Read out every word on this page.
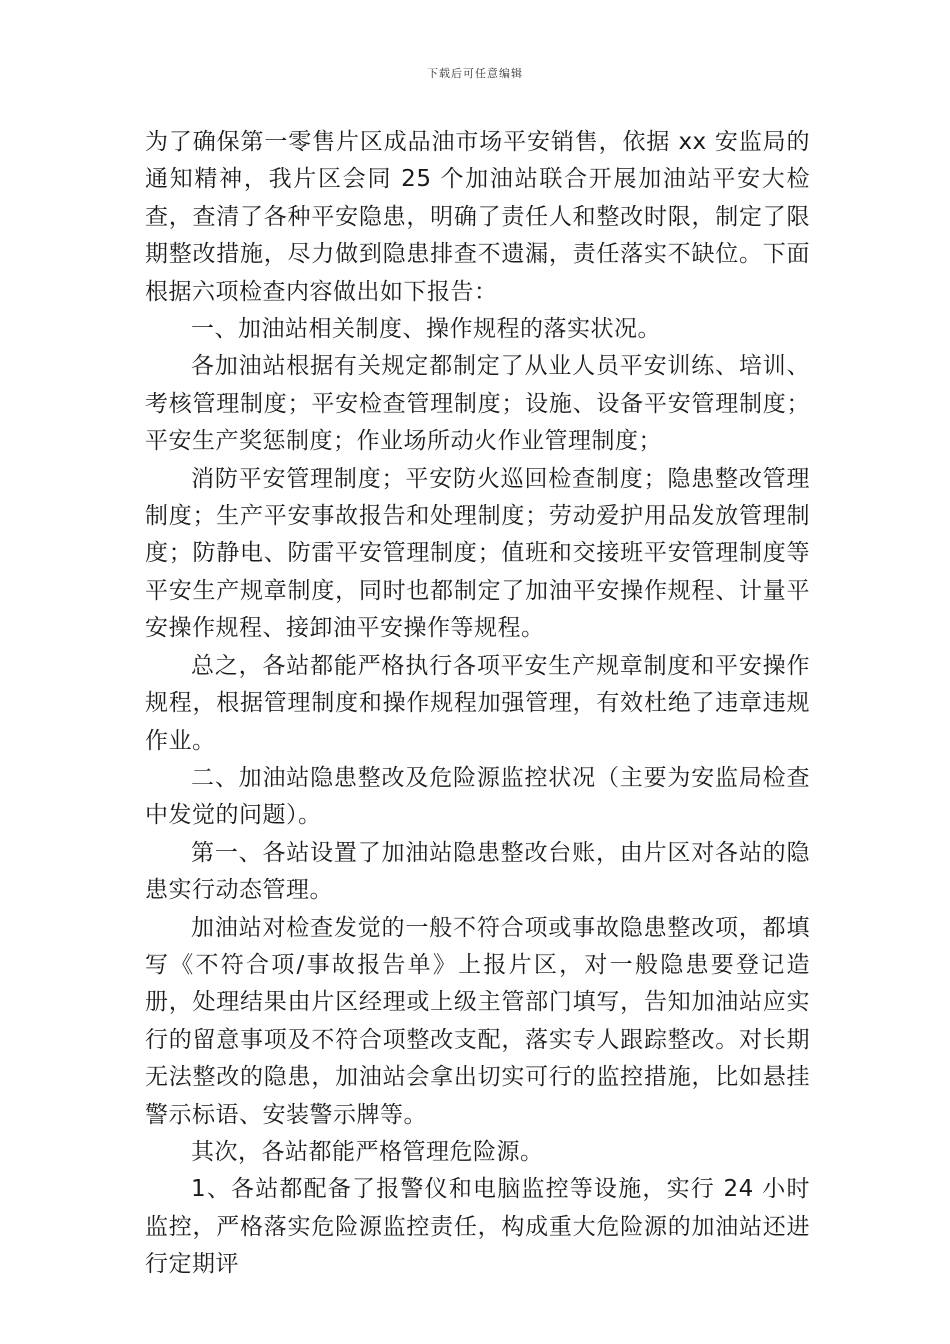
下载后可任意编辑

为了确保第一零售片区成品油市场平安销售，依据 xx 安监局的通知精神，我片区会同 25 个加油站联合开展加油站平安大检查，查清了各种平安隐患，明确了责任人和整改时限，制定了限期整改措施，尽力做到隐患排查不遗漏，责任落实不缺位。下面根据六项检查内容做出如下报告：

一、加油站相关制度、操作规程的落实状况。

各加油站根据有关规定都制定了从业人员平安训练、培训、考核管理制度；平安检查管理制度；设施、设备平安管理制度；平安生产奖惩制度；作业场所动火作业管理制度；

消防平安管理制度；平安防火巡回检查制度；隐患整改管理制度；生产平安事故报告和处理制度；劳动爱护用品发放管理制度；防静电、防雷平安管理制度；值班和交接班平安管理制度等平安生产规章制度，同时也都制定了加油平安操作规程、计量平安操作规程、接卸油平安操作等规程。

总之，各站都能严格执行各项平安生产规章制度和平安操作规程，根据管理制度和操作规程加强管理，有效杜绝了违章违规作业。

二、加油站隐患整改及危险源监控状况（主要为安监局检查中发觉的问题）。

第一、各站设置了加油站隐患整改台账，由片区对各站的隐患实行动态管理。

加油站对检查发觉的一般不符合项或事故隐患整改项，都填写《不符合项/事故报告单》上报片区，对一般隐患要登记造册，处理结果由片区经理或上级主管部门填写，告知加油站应实行的留意事项及不符合项整改支配，落实专人跟踪整改。对长期无法整改的隐患，加油站会拿出切实可行的监控措施，比如悬挂警示标语、安装警示牌等。

其次，各站都能严格管理危险源。

1、各站都配备了报警仪和电脑监控等设施，实行 24 小时监控，严格落实危险源监控责任，构成重大危险源的加油站还进行定期评
